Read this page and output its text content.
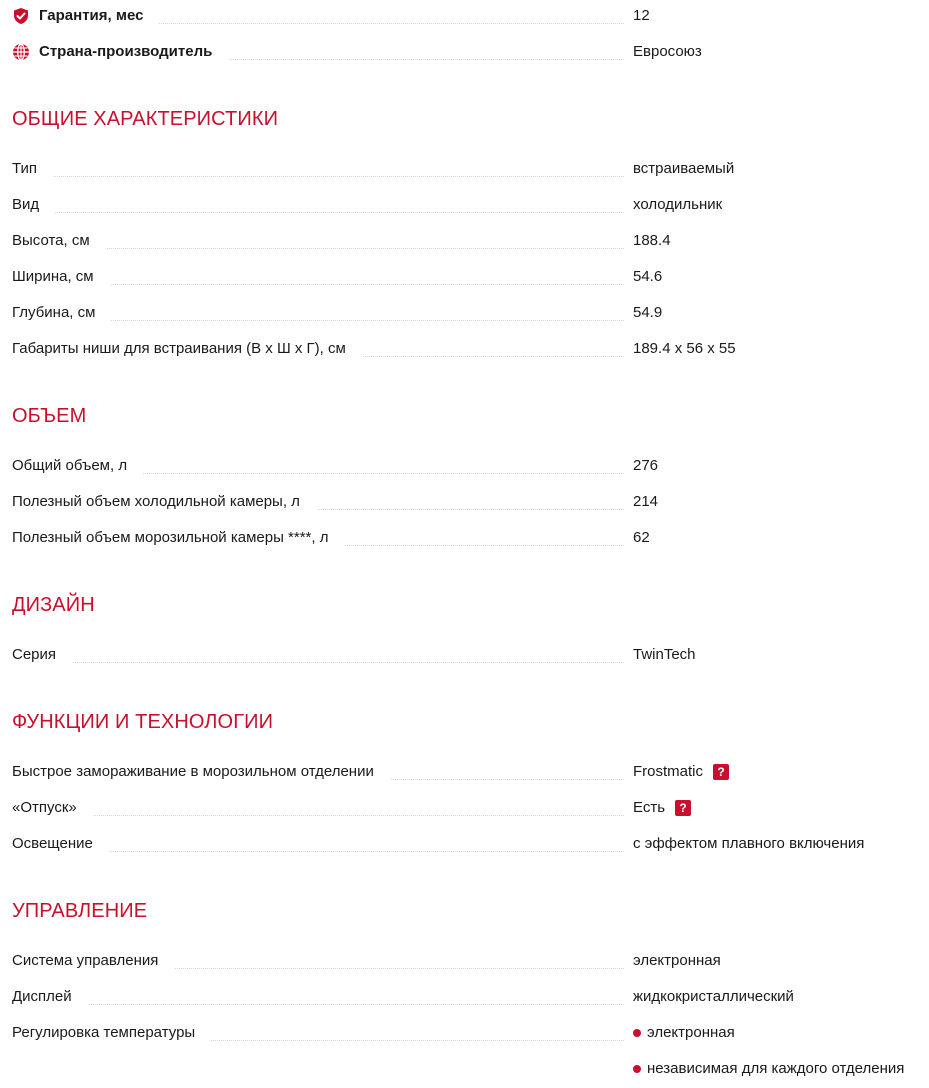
Гарантия, мес	12
Страна-производитель	Евросоюз
ОБЩИЕ ХАРАКТЕРИСТИКИ
Тип	встраиваемый
Вид	холодильник
Высота, см	188.4
Ширина, см	54.6
Глубина, см	54.9
Габариты ниши для встраивания (В x Ш x Г), см	189.4 x 56 x 55
ОБЪЕМ
Общий объем, л	276
Полезный объем холодильной камеры, л	214
Полезный объем морозильной камеры ****, л	62
ДИЗАЙН
Серия	TwinTech
ФУНКЦИИ И ТЕХНОЛОГИИ
Быстрое замораживание в морозильном отделении	Frostmatic	?
«Отпуск»	Есть	?
Освещение	с эффектом плавного включения
УПРАВЛЕНИЕ
Система управления	электронная
Дисплей	жидкокристаллический
Регулировка температуры	электронная
независимая для каждого отделения
